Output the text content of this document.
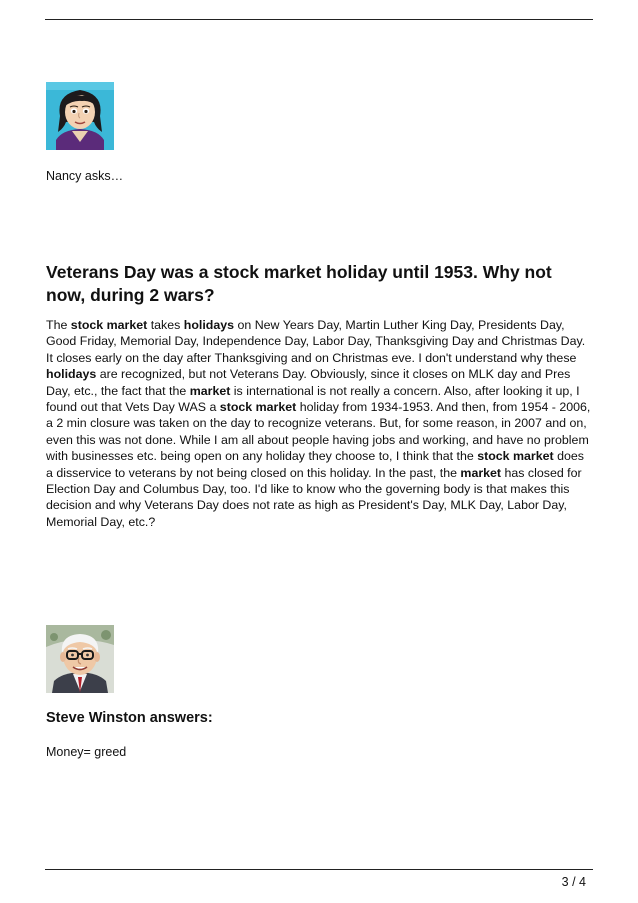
Nancy asks…
Veterans Day was a stock market holiday until 1953. Why not now, during 2 wars?

The stock market takes holidays on New Years Day, Martin Luther King Day, Presidents Day, Good Friday, Memorial Day, Independence Day, Labor Day, Thanksgiving Day and Christmas Day. It closes early on the day after Thanksgiving and on Christmas eve. I don't understand why these holidays are recognized, but not Veterans Day. Obviously, since it closes on MLK day and Pres Day, etc., the fact that the market is international is not really a concern. Also, after looking it up, I found out that Vets Day WAS a stock market holiday from 1934-1953. And then, from 1954 - 2006, a 2 min closure was taken on the day to recognize veterans. But, for some reason, in 2007 and on, even this was not done. While I am all about people having jobs and working, and have no problem with businesses etc. being open on any holiday they choose to, I think that the stock market does a disservice to veterans by not being closed on this holiday. In the past, the market has closed for Election Day and Columbus Day, too. I'd like to know who the governing body is that makes this decision and why Veterans Day does not rate as high as President's Day, MLK Day, Labor Day, Memorial Day, etc.?

Steve Winston answers:
Money= greed
3 / 4
